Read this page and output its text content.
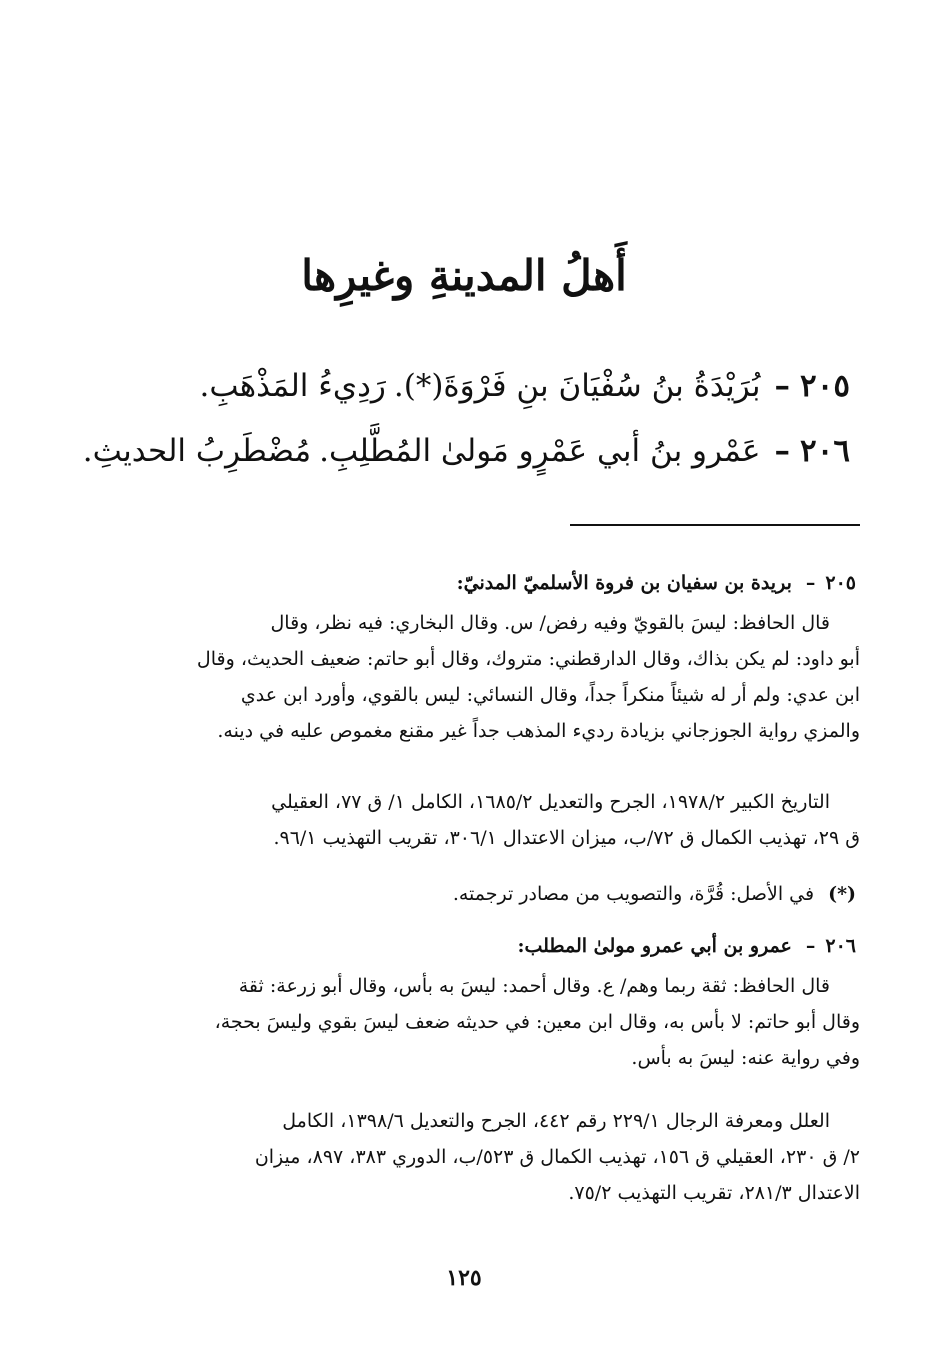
أَهلُ المدينةِ وغيرِها
٢٠٥–بُرَيْدَةُ بنُ سُفْيَانَ بنِ فَرْوَةَ(*).رَدِيءُ المَذْهَبِ.
٢٠٦–عَمْرو بنُ أبي عَمْرٍو مَولىٰ المُطَّلِبِ.مُضْطَرِبُ الحديثِ.
٢٠٥–بريدة بن سفيان بن فروة الأسلميّ المدنيّ:
قال الحافظ: ليسَ بالقويّ وفيه رفض/ س. وقال البخاري: فيه نظر، وقال
أبو داود: لم يكن بذاك، وقال الدارقطني: متروك، وقال أبو حاتم: ضعيف الحديث، وقال
ابن عدي: ولم أر له شيئاً منكراً جداً، وقال النسائي: ليس بالقوي، وأورد ابن عدي
والمزي رواية الجوزجاني بزيادة رديء المذهب جداً غير مقنع مغموص عليه في دينه.
التاريخ الكبير ١٩٧٨/٢، الجرح والتعديل ١٦٨٥/٢، الكامل ١/ ق ٧٧، العقيلي
ق ٢٩، تهذيب الكمال ق ٧٢/ب، ميزان الاعتدال ٣٠٦/١، تقريب التهذيب ٩٦/١.
(*)في الأصل: قُرَّة، والتصويب من مصادر ترجمته.
٢٠٦–عمرو بن أبي عمرو مولىٰ المطلب:
قال الحافظ: ثقة ربما وهم/ ع. وقال أحمد: ليسَ به بأس، وقال أبو زرعة: ثقة
وقال أبو حاتم: لا بأس به، وقال ابن معين: في حديثه ضعف ليسَ بقوي وليسَ بحجة،
وفي رواية عنه: ليسَ به بأس.
العلل ومعرفة الرجال ٢٢٩/١ رقم ٤٤٢، الجرح والتعديل ١٣٩٨/٦، الكامل
٢/ ق ٢٣٠، العقيلي ق ١٥٦، تهذيب الكمال ق ٥٢٣/ب، الدوري ٣٨٣، ٨٩٧، ميزان
الاعتدال ٢٨١/٣، تقريب التهذيب ٧٥/٢.
١٢٥
